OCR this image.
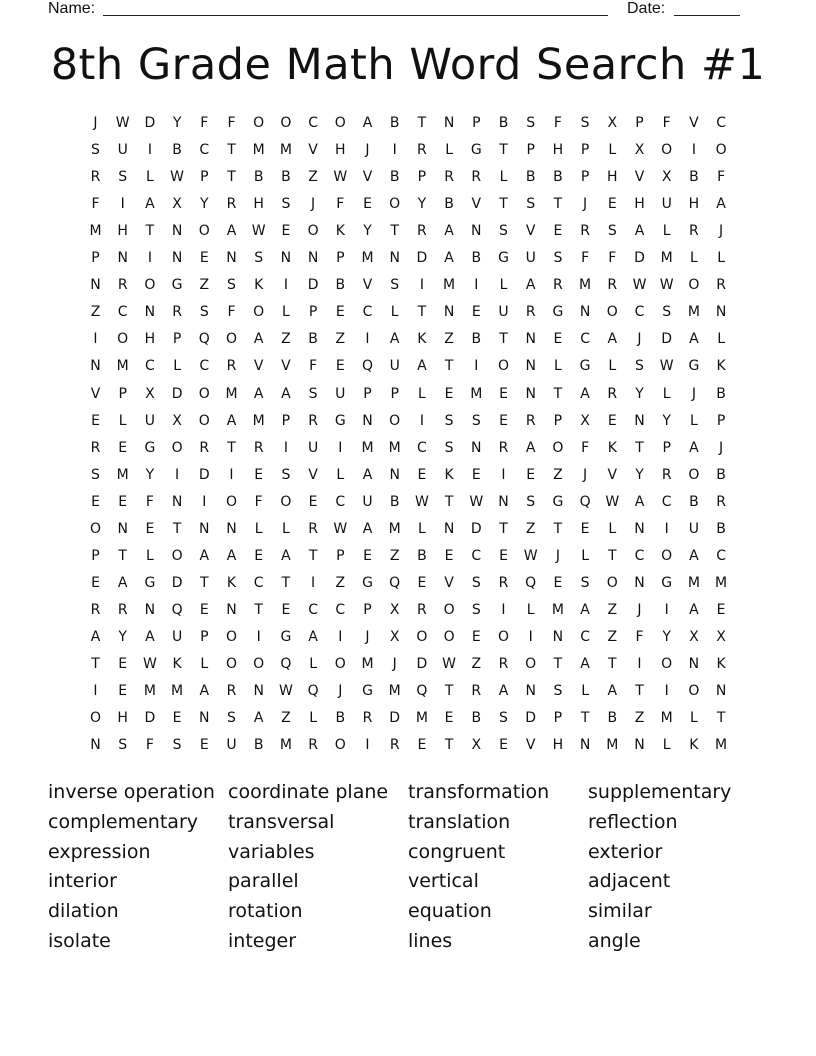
Name:	Date:
8th Grade Math Word Search #1
J	W	D	Y	F	F	O	O	C	O	A	B	T	N	P	B	S	F	S	X	P	F	V	C
S	U	I	B	C	T	M	M	V	H	J	I	R	L	G	T	P	H	P	L	X	O	I	O
R	S	L	W	P	T	B	B	Z	W	V	B	P	R	R	L	B	B	P	H	V	X	B	F
F	I	A	X	Y	R	H	S	J	F	E	O	Y	B	V	T	S	T	J	E	H	U	H	A
M	H	T	N	O	A	W	E	O	K	Y	T	R	A	N	S	V	E	R	S	A	L	R	J
P	N	I	N	E	N	S	N	N	P	M	N	D	A	B	G	U	S	F	F	D	M	L	L
N	R	O	G	Z	S	K	I	D	B	V	S	I	M	I	L	A	R	M	R	W W	O	R
Z	C	N	R	S	F	O	L	P	E	C	L	T	N	E	U	R	G	N	O	C	S	M	N
I	O	H	P	Q	O	A	Z	B	Z	I	A	K	Z	B	T	N	E	C	A	J	D	A	L
N	M	C	L	C	R	V	V	F	E	Q	U	A	T	I	O	N	L	G	L	S	W	G	K
V	P	X	D	O	M	A	A	S	U	P	P	L	E	M	E	N	T	A	R	Y	L	J	B
E	L	U	X	O	A	M	P	R	G	N	O	I	S	S	E	R	P	X	E	N	Y	L	P
R	E	G	O	R	T	R	I	U	I	M	M	C	S	N	R	A	O	F	K	T	P	A	J
S	M	Y	I	D	I	E	S	V	L	A	N	E	K	E	I	E	Z	J	V	Y	R	O	B
E	E	F	N	I	O	F	O	E	C	U	B	W	T	W	N	S	G	Q	W	A	C	B	R
O	N	E	T	N	N	L	L	R	W	A	M	L	N	D	T	Z	T	E	L	N	I	U	B
P	T	L	O	A	A	E	A	T	P	E	Z	B	E	C	E	W	J	L	T	C	O	A	C
E	A	G	D	T	K	C	T	I	Z	G	Q	E	V	S	R	Q	E	S	O	N	G	M	M
R	R	N	Q	E	N	T	E	C	C	P	X	R	O	S	I	L	M	A	Z	J	I	A	E
A	Y	A	U	P	O	I	G	A	I	J	X	O	O	E	O	I	N	C	Z	F	Y	X	X
T	E	W	K	L	O	O	Q	L	O	M	J	D	W	Z	R	O	T	A	T	I	O	N	K
I	E	M	M	A	R	N	W	Q	J	G	M	Q	T	R	A	N	S	L	A	T	I	O	N
O	H	D	E	N	S	A	Z	L	B	R	D	M	E	B	S	D	P	T	B	Z	M	L	T
N	S	F	S	E	U	B	M	R	O	I	R	E	T	X	E	V	H	N	M	N	L	K	M
inverse operation
complementary
expression
interior
dilation
isolate
coordinate plane
transversal
variables
parallel
rotation
integer
transformation
translation
congruent
vertical
equation
lines
supplementary
reflection
exterior
adjacent
similar
angle
